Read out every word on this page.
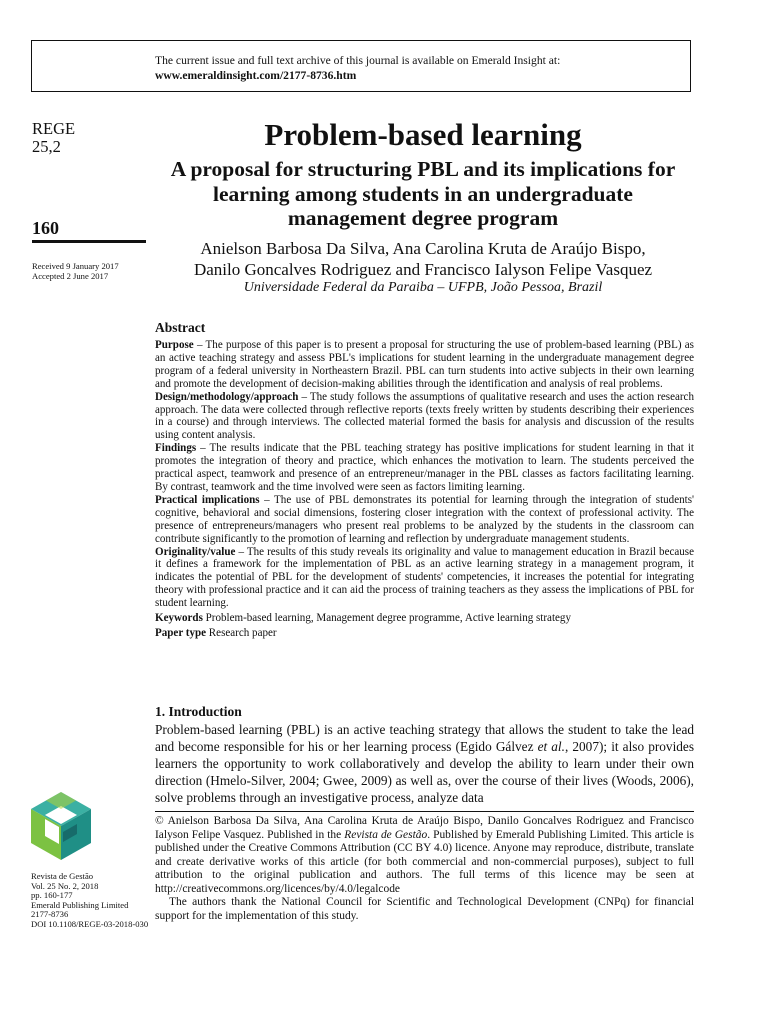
The current issue and full text archive of this journal is available on Emerald Insight at:
www.emeraldinsight.com/2177-8736.htm
REGE
25,2
160
Received 9 January 2017
Accepted 2 June 2017
Problem-based learning
A proposal for structuring PBL and its implications for learning among students in an undergraduate management degree program
Anielson Barbosa Da Silva, Ana Carolina Kruta de Araújo Bispo,
Danilo Goncalves Rodriguez and Francisco Ialyson Felipe Vasquez
Universidade Federal da Paraiba – UFPB, João Pessoa, Brazil
Abstract

Purpose – The purpose of this paper is to present a proposal for structuring the use of problem-based learning (PBL) as an active teaching strategy and assess PBL's implications for student learning in the undergraduate management degree program of a federal university in Northeastern Brazil. PBL can turn students into active subjects in their own learning and promote the development of decision-making abilities through the identification and analysis of real problems.

Design/methodology/approach – The study follows the assumptions of qualitative research and uses the action research approach. The data were collected through reflective reports (texts freely written by students describing their experiences in a course) and through interviews. The collected material formed the basis for analysis and discussion of the results using content analysis.

Findings – The results indicate that the PBL teaching strategy has positive implications for student learning in that it promotes the integration of theory and practice, which enhances the motivation to learn. The students perceived the practical aspect, teamwork and presence of an entrepreneur/manager in the PBL classes as factors facilitating learning. By contrast, teamwork and the time involved were seen as factors limiting learning.

Practical implications – The use of PBL demonstrates its potential for learning through the integration of students' cognitive, behavioral and social dimensions, fostering closer integration with the context of professional activity. The presence of entrepreneurs/managers who present real problems to be analyzed by the students in the classroom can contribute significantly to the promotion of learning and reflection by undergraduate management students.

Originality/value – The results of this study reveals its originality and value to management education in Brazil because it defines a framework for the implementation of PBL as an active learning strategy in a management program, it indicates the potential of PBL for the development of students' competencies, it increases the potential for integrating theory with professional practice and it can aid the process of training teachers as they assess the implications of PBL for student learning.

Keywords Problem-based learning, Management degree programme, Active learning strategy

Paper type Research paper

1. Introduction

Problem-based learning (PBL) is an active teaching strategy that allows the student to take the lead and become responsible for his or her learning process (Egido Gálvez et al., 2007); it also provides learners the opportunity to work collaboratively and develop the ability to learn under their own direction (Hmelo-Silver, 2004; Gwee, 2009) as well as, over the course of their lives (Woods, 2006), solve problems through an investigative process, analyze data

© Anielson Barbosa Da Silva, Ana Carolina Kruta de Araújo Bispo, Danilo Goncalves Rodriguez and Francisco Ialyson Felipe Vasquez. Published in the Revista de Gestão. Published by Emerald Publishing Limited. This article is published under the Creative Commons Attribution (CC BY 4.0) licence. Anyone may reproduce, distribute, translate and create derivative works of this article (for both commercial and non-commercial purposes), subject to full attribution to the original publication and authors. The full terms of this licence may be seen at http://creativecommons.org/licences/by/4.0/legalcode

The authors thank the National Council for Scientific and Technological Development (CNPq) for financial support for the implementation of this study.

Revista de Gestão
Vol. 25 No. 2, 2018
pp. 160-177
Emerald Publishing Limited
2177-8736
DOI 10.1108/REGE-03-2018-030
